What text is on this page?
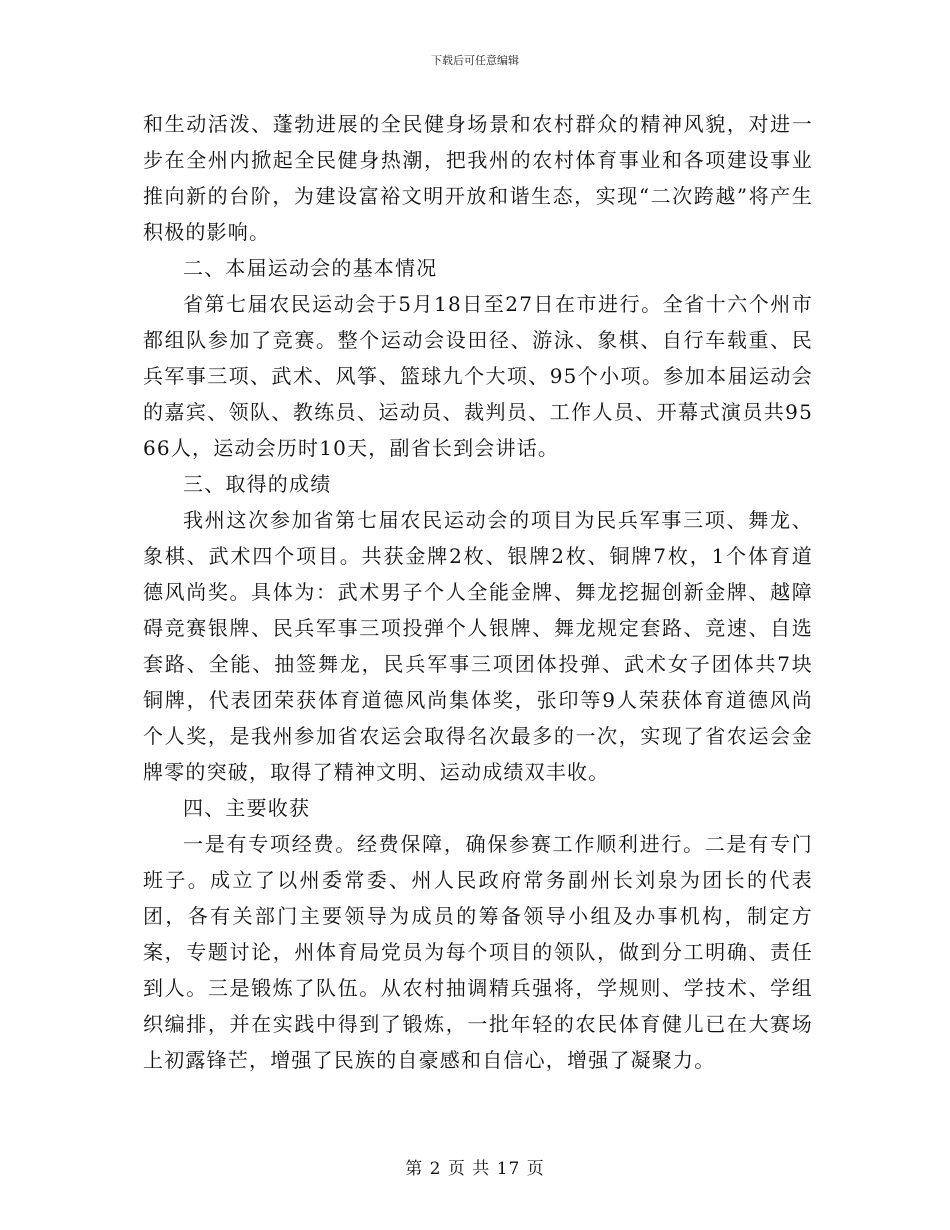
下载后可任意编辑

和生动活泼、蓬勃进展的全民健身场景和农村群众的精神风貌，对进一步在全州内掀起全民健身热潮，把我州的农村体育事业和各项建设事业推向新的台阶，为建设富裕文明开放和谐生态，实现“二次跨越”将产生积极的影响。

二、本届运动会的基本情况

省第七届农民运动会于5月18日至27日在市进行。全省十六个州市都组队参加了竞赛。整个运动会设田径、游泳、象棋、自行车载重、民兵军事三项、武术、风筝、篮球九个大项、95个小项。参加本届运动会的嘉宾、领队、教练员、运动员、裁判员、工作人员、开幕式演员共9566人，运动会历时10天，副省长到会讲话。

三、取得的成绩

我州这次参加省第七届农民运动会的项目为民兵军事三项、舞龙、象棋、武术四个项目。共获金牌2枚、银牌2枚、铜牌7枚，1个体育道德风尚奖。具体为：武术男子个人全能金牌、舞龙挖掘创新金牌、越障碍竞赛银牌、民兵军事三项投弹个人银牌、舞龙规定套路、竞速、自选套路、全能、抽签舞龙，民兵军事三项团体投弹、武术女子团体共7块铜牌，代表团荣获体育道德风尚集体奖，张印等9人荣获体育道德风尚个人奖，是我州参加省农运会取得名次最多的一次，实现了省农运会金牌零的突破，取得了精神文明、运动成绩双丰收。

四、主要收获

一是有专项经费。经费保障，确保参赛工作顺利进行。二是有专门班子。成立了以州委常委、州人民政府常务副州长刘泉为团长的代表团，各有关部门主要领导为成员的筹备领导小组及办事机构，制定方案，专题讨论，州体育局党员为每个项目的领队，做到分工明确、责任到人。三是锻炼了队伍。从农村抽调精兵强将，学规则、学技术、学组织编排，并在实践中得到了锻炼，一批年轻的农民体育健儿已在大赛场上初露锋芒，增强了民族的自豪感和自信心，增强了凝聚力。

第 2 页 共 17 页
